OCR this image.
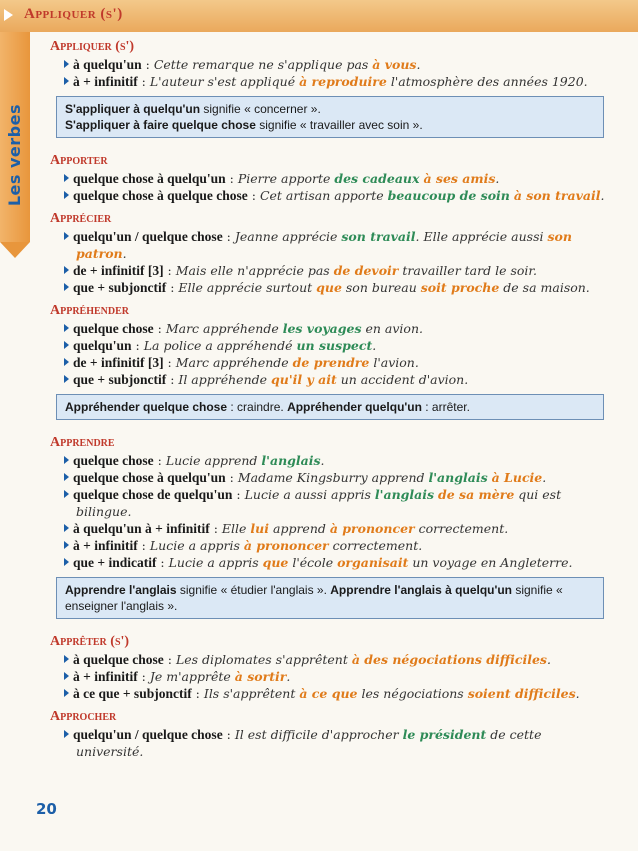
Appliquer (s')
Les verbes

Appliquer (s')

à quelqu'un : Cette remarque ne s'applique pas à vous.

à + infinitif : L'auteur s'est appliqué à reproduire l'atmosphère des années 1920.

S'appliquer à quelqu'un signifie « concerner ».
S'appliquer à faire quelque chose signifie « travailler avec soin ».

Apporter

quelque chose à quelqu'un : Pierre apporte des cadeaux à ses amis.

quelque chose à quelque chose : Cet artisan apporte beaucoup de soin à son travail.

Apprécier

quelqu'un / quelque chose : Jeanne apprécie son travail. Elle apprécie aussi son patron.

de + infinitif [3] : Mais elle n'apprécie pas de devoir travailler tard le soir.

que + subjonctif : Elle apprécie surtout que son bureau soit proche de sa maison.

Appréhender

quelque chose : Marc appréhende les voyages en avion.

quelqu'un : La police a appréhendé un suspect.

de + infinitif [3] : Marc appréhende de prendre l'avion.

que + subjonctif : Il appréhende qu'il y ait un accident d'avion.

Appréhender quelque chose : craindre. Appréhender quelqu'un : arrêter.

Apprendre

quelque chose : Lucie apprend l'anglais.

quelque chose à quelqu'un : Madame Kingsburry apprend l'anglais à Lucie.

quelque chose de quelqu'un : Lucie a aussi appris l'anglais de sa mère qui est bilingue.

à quelqu'un à + infinitif : Elle lui apprend à prononcer correctement.

à + infinitif : Lucie a appris à prononcer correctement.

que + indicatif : Lucie a appris que l'école organisait un voyage en Angleterre.

Apprendre l'anglais signifie « étudier l'anglais ». Apprendre l'anglais à quelqu'un signifie « enseigner l'anglais ».

Apprêter (s')

à quelque chose : Les diplomates s'apprêtent à des négociations difficiles.

à + infinitif : Je m'apprête à sortir.

à ce que + subjonctif : Ils s'apprêtent à ce que les négociations soient difficiles.

Approcher

quelqu'un / quelque chose : Il est difficile d'approcher le président de cette université.

20
